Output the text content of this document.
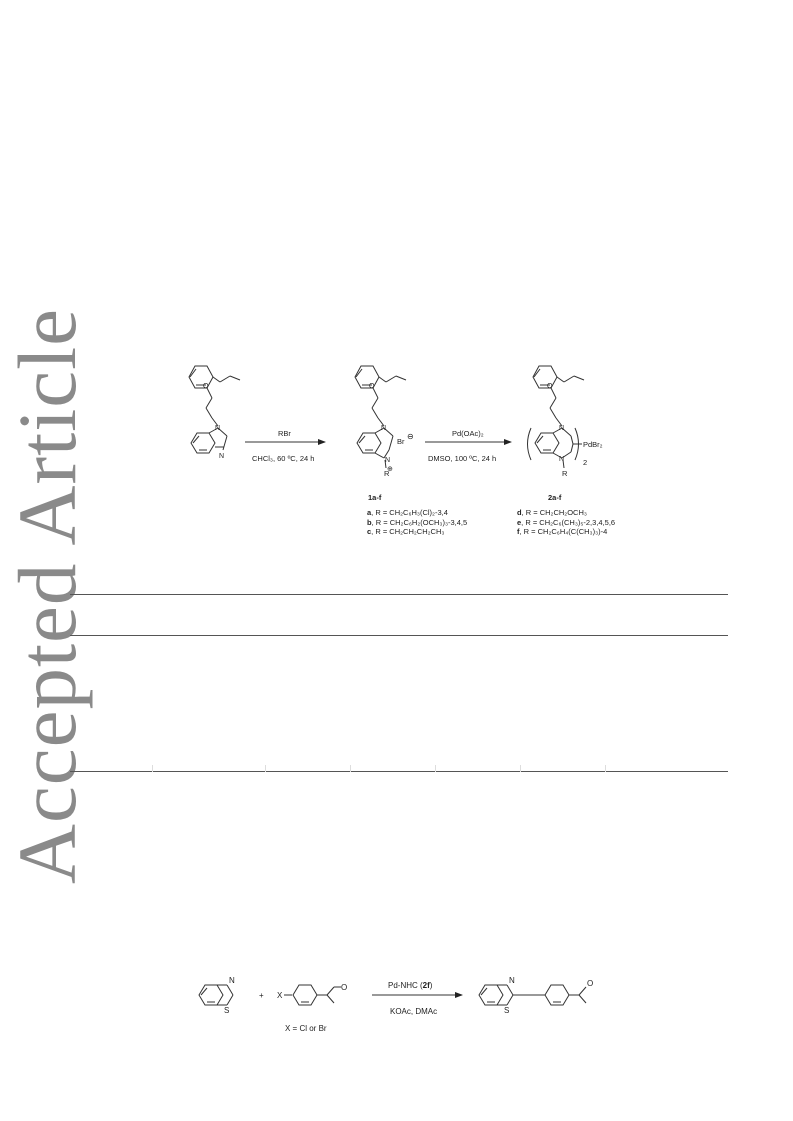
Accepted Article	O
O	O
N	N	N
N
N
⊕
N
R	R
Br
⊖
PdBr₂
2
RBr
CHCl₃, 60 ºC, 24 h
Pd(OAc)₂
DMSO, 100 ºC, 24 h
1a-f	2a-f
a, R = CH₂C₆H₃(Cl)₂-3,4
b, R = CH₂C₆H₂(OCH₃)₃-3,4,5
c, R = CH₂CH₂CH₂CH₃
d, R = CH₂CH₂OCH₃
e, R = CH₂C₆(CH₃)₅-2,3,4,5,6
f, R = CH₂C₆H₄(C(CH₃)₃)-4
N
S
N
S
O	O
+ X
X = Cl or Br
Pd-NHC (2f)
KOAc, DMAc
